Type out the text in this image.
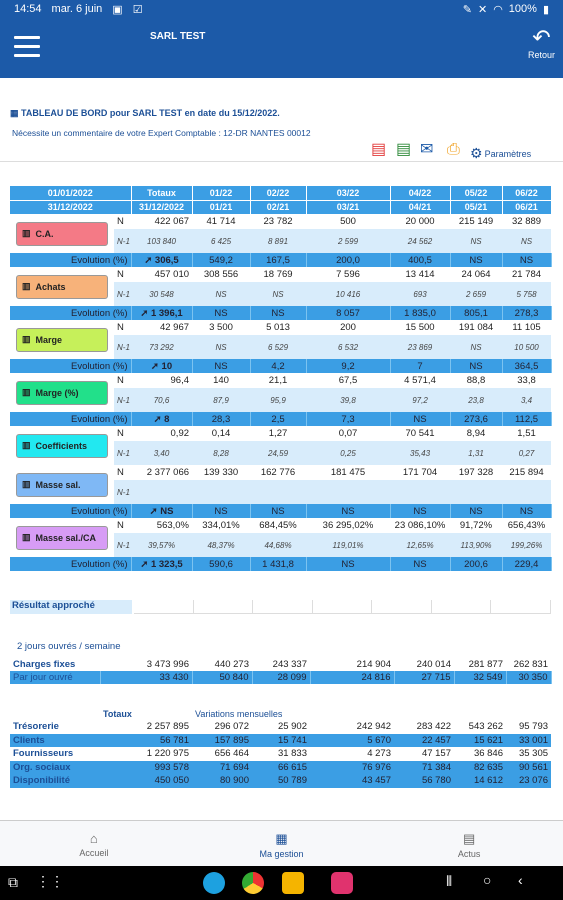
14:54 mar. 6 juin ▣ ☑	✎ ✕ ◠ 100% ▮
SARL TEST	↶
Retour
▦ TABLEAU DE BORD pour SARL TEST en date du 15/12/2022.
Nécessite un commentaire de votre Expert Comptable : 12-DR NANTES 00012
▤ ▤ ✉ ⎙ ⚙ Paramètres
01/01/2022		Totaux	01/22	02/22	03/22	04/22	05/22	06/22
31/12/2022		31/12/2022	01/21	02/21	03/21	04/21	05/21	06/21

▥ C.A.	N	422 067	41 714	23 782	500	20 000	215 149	32 889
	N-1	103 840	6 425	8 891	2 599	24 562	NS	NS
Evolution (%)		➚ 306,5	549,2	167,5	200,0	400,5	NS	NS

▥ Achats	N	457 010	308 556	18 769	7 596	13 414	24 064	21 784
	N-1	30 548	NS	NS	10 416	693	2 659	5 758
Evolution (%)		➚ 1 396,1	NS	NS	8 057	1 835,0	805,1	278,3

▥ Marge	N	42 967	3 500	5 013	200	15 500	191 084	11 105
	N-1	73 292	NS	6 529	6 532	23 869	NS	10 500
Evolution (%)		➚ 10	NS	4,2	9,2	7	NS	364,5

▥ Marge (%)	N	96,4	140	21,1	67,5	4 571,4	88,8	33,8
	N-1	70,6	87,9	95,9	39,8	97,2	23,8	3,4
Evolution (%)		➚ 8	28,3	2,5	7,3	NS	273,6	112,5

▥ Coefficients	N	0,92	0,14	1,27	0,07	70 541	8,94	1,51
	N-1	3,40	8,28	24,59	0,25	35,43	1,31	0,27

▥ Masse sal.	N	2 377 066	139 330	162 776	181 475	171 704	197 328	215 894
	N-1							
Evolution (%)		➚ NS	NS	NS	NS	NS	NS	NS

▥ Masse sal./CA	N	563,0%	334,01%	684,45%	36 295,02%	23 086,10%	91,72%	656,43%
	N-1	39,57%	48,37%	44,68%	119,01%	12,65%	113,90%	199,26%
Evolution (%)		➚ 1 323,5	590,6	1 431,8	NS	NS	200,6	229,4
Résultat approché
2 jours ouvrés / semaine
Charges fixes	3 473 996	440 273	243 337	214 904	240 014	281 877	262 831
Par jour ouvré	33 430	50 840	28 099	24 816	27 715	32 549	30 350
	Totaux	Variations mensuelles					
Trésorerie	2 257 895	296 072	25 902	242 942	283 422	543 262	95 793
Clients	56 781	157 895	15 741	5 670	22 457	15 621	33 001
Fournisseurs	1 220 975	656 464	31 833	4 273	47 157	36 846	35 305
Org. sociaux	993 578	71 694	66 615	76 976	71 384	82 635	90 561
Disponibilité	450 050	80 900	50 789	43 457	56 780	14 612	23 076
⌂
Accueil
▦
Ma gestion
▤
Actus
⧉ ⋮⋮	⦀ ○ ‹
